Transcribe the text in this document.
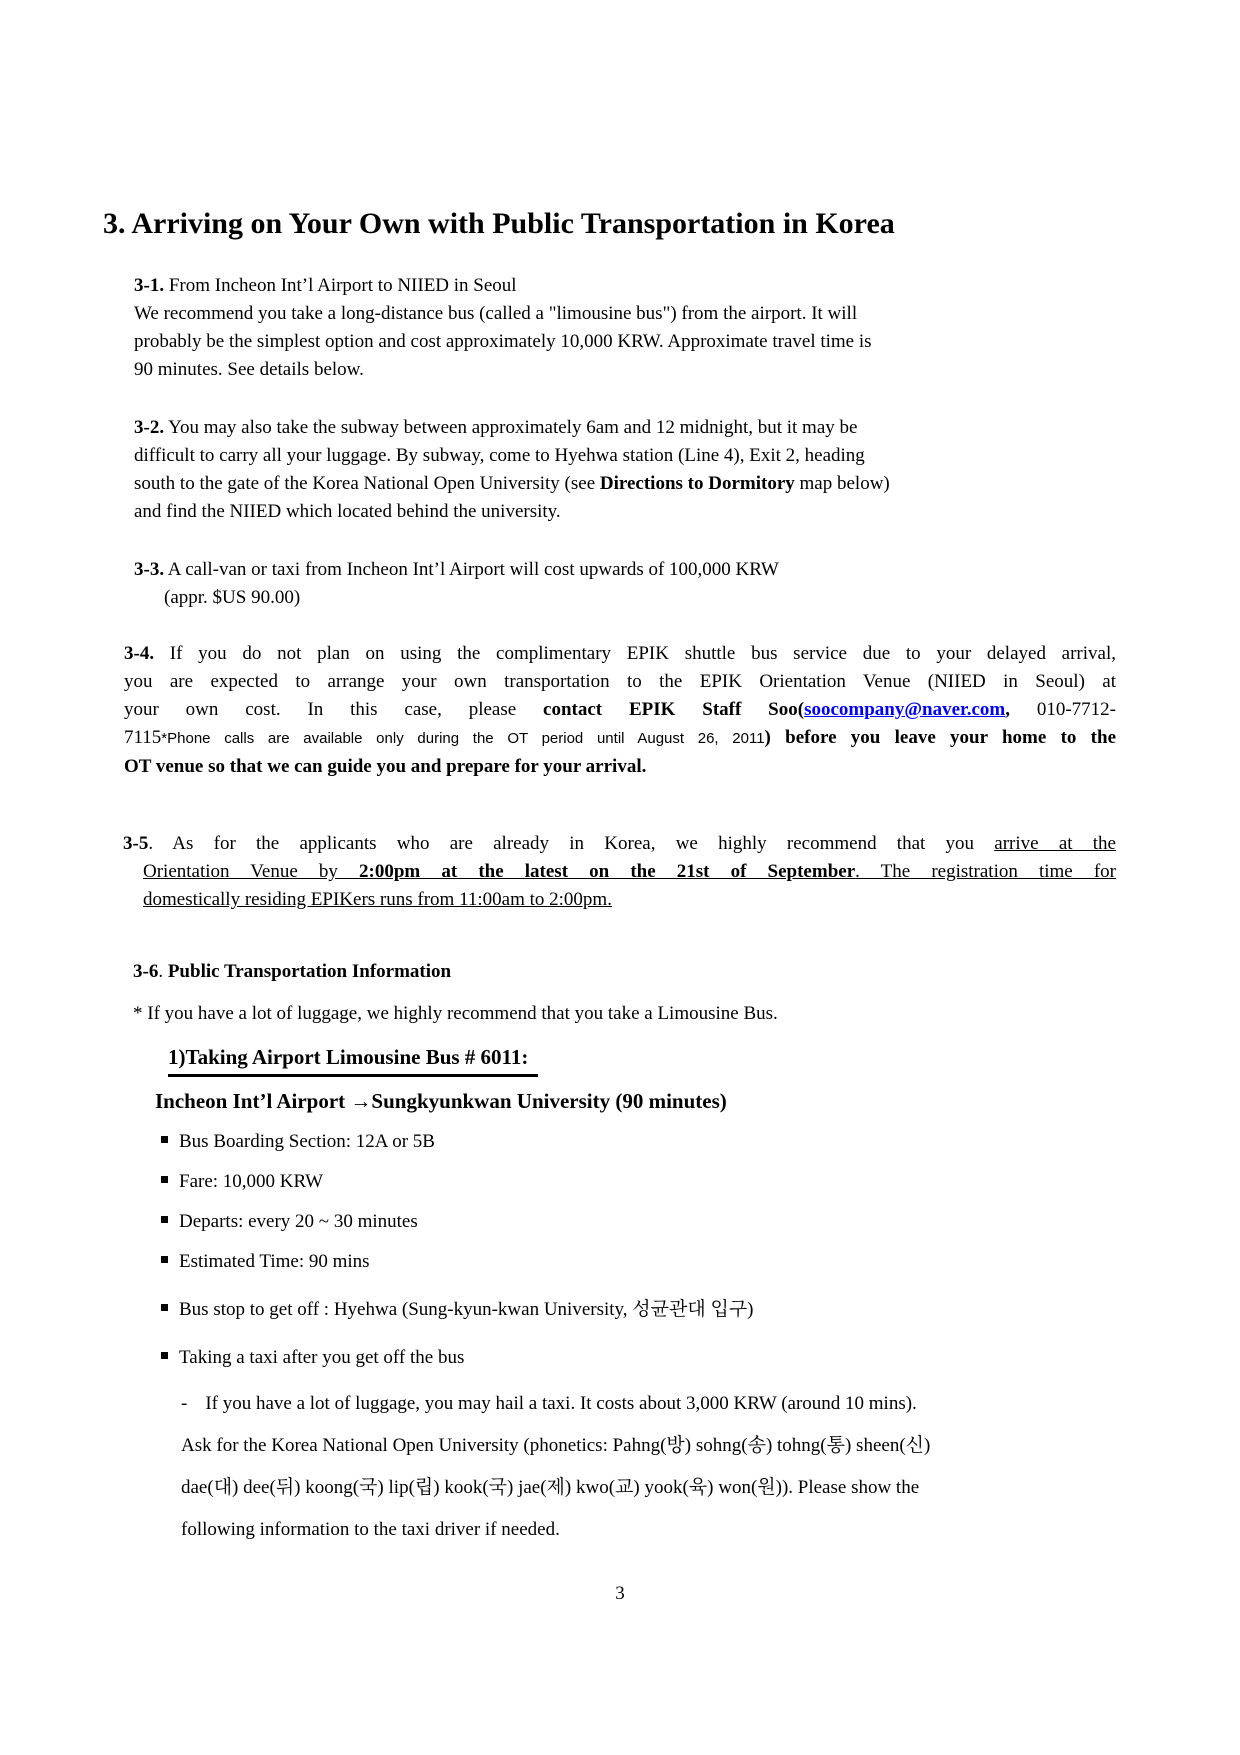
3. Arriving on Your Own with Public Transportation in Korea
3-1. From Incheon Int’l Airport to NIIED in Seoul
We recommend you take a long-distance bus (called a "limousine bus") from the airport. It will
probably be the simplest option and cost approximately 10,000 KRW. Approximate travel time is
90 minutes. See details below.
3-2. You may also take the subway between approximately 6am and 12 midnight, but it may be
difficult to carry all your luggage. By subway, come to Hyehwa station (Line 4), Exit 2, heading
south to the gate of the Korea National Open University (see Directions to Dormitory map below)
and find the NIIED which located behind the university.
3-3. A call-van or taxi from Incheon Int’l Airport will cost upwards of 100,000 KRW
(appr. $US 90.00)
3-4. If you do not plan on using the complimentary EPIK shuttle bus service due to your delayed arrival,
you are expected to arrange your own transportation to the EPIK Orientation Venue (NIIED in Seoul) at
your own cost. In this case, please contact EPIK Staff Soo(soocompany@naver.com, 010-7712-
7115*Phone calls are available only during the OT period until August 26, 2011) before you leave your home to the
OT venue so that we can guide you and prepare for your arrival.
3-5. As for the applicants who are already in Korea, we highly recommend that you arrive at the
Orientation Venue by 2:00pm at the latest on the 21st of September. The registration time for
domestically residing EPIKers runs from 11:00am to 2:00pm.
3-6. Public Transportation Information
* If you have a lot of luggage, we highly recommend that you take a Limousine Bus.
1)Taking Airport Limousine Bus # 6011:
Incheon Int’l Airport →Sungkyunkwan University (90 minutes)
Bus Boarding Section: 12A or 5B
Fare: 10,000 KRW
Departs: every 20 ~ 30 minutes
Estimated Time: 90 mins
Bus stop to get off : Hyehwa (Sung-kyun-kwan University, 성균관대 입구)
Taking a taxi after you get off the bus
- If you have a lot of luggage, you may hail a taxi. It costs about 3,000 KRW (around 10 mins).
Ask for the Korea National Open University (phonetics: Pahng(방) sohng(송) tohng(통) sheen(신)
dae(대) dee(뒤) koong(국) lip(립) kook(국) jae(제) kwo(교) yook(육) won(원)). Please show the
following information to the taxi driver if needed.
3
